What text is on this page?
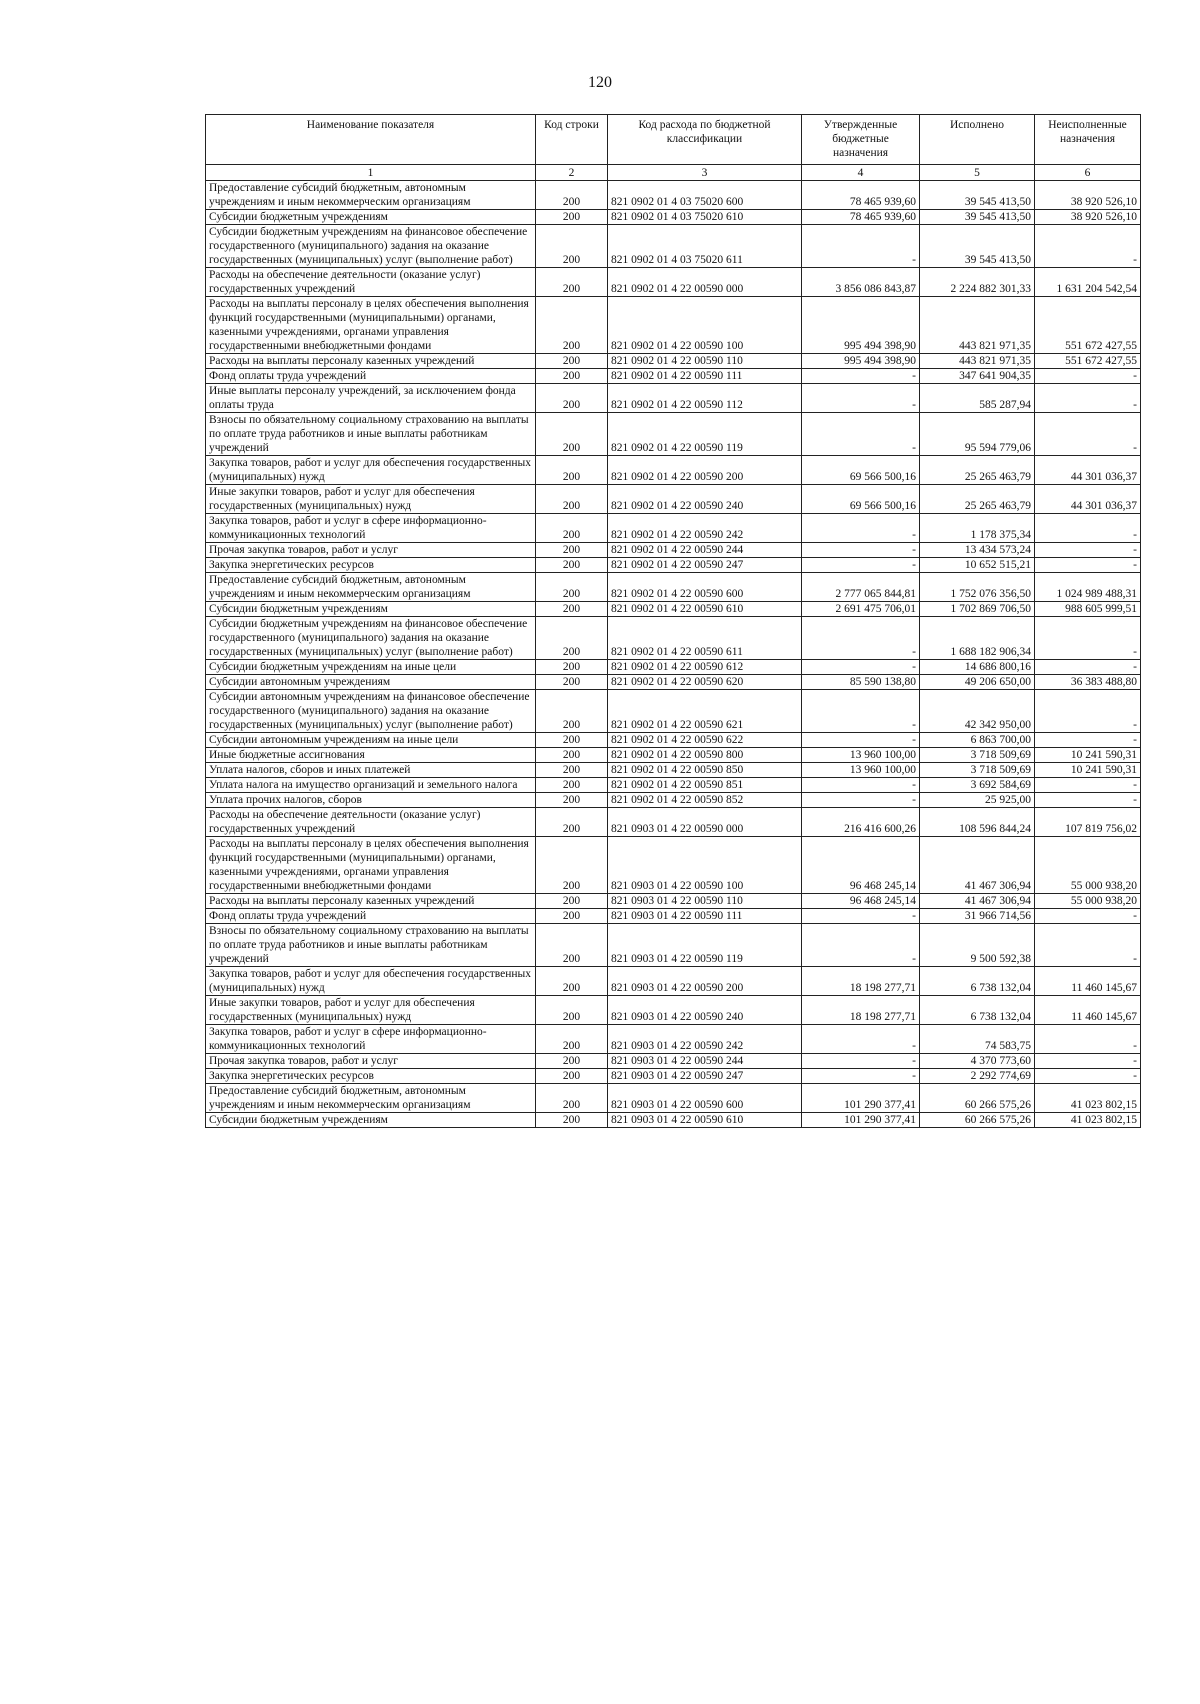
120
Наименование показателя	Код строки	Код расхода по бюджетной классификации	Утвержденные бюджетные назначения	Исполнено	Неисполненные назначения
1	2	3	4	5	6
Предоставление субсидий бюджетным, автономным учреждениям и иным некоммерческим организациям	200	821 0902 01 4 03 75020 600	78 465 939,60	39 545 413,50	38 920 526,10
Субсидии бюджетным учреждениям	200	821 0902 01 4 03 75020 610	78 465 939,60	39 545 413,50	38 920 526,10
Субсидии бюджетным учреждениям на финансовое обеспечение государственного (муниципального) задания на оказание государственных (муниципальных) услуг (выполнение работ)	200	821 0902 01 4 03 75020 611	-	39 545 413,50	-
Расходы на обеспечение деятельности (оказание услуг) государственных учреждений	200	821 0902 01 4 22 00590 000	3 856 086 843,87	2 224 882 301,33	1 631 204 542,54
Расходы на выплаты персоналу в целях обеспечения выполнения функций государственными (муниципальными) органами, казенными учреждениями, органами управления государственными внебюджетными фондами	200	821 0902 01 4 22 00590 100	995 494 398,90	443 821 971,35	551 672 427,55
Расходы на выплаты персоналу казенных учреждений	200	821 0902 01 4 22 00590 110	995 494 398,90	443 821 971,35	551 672 427,55
Фонд оплаты труда учреждений	200	821 0902 01 4 22 00590 111	-	347 641 904,35	-
Иные выплаты персоналу учреждений, за исключением фонда оплаты труда	200	821 0902 01 4 22 00590 112	-	585 287,94	-
Взносы по обязательному социальному страхованию на выплаты по оплате труда работников и иные выплаты работникам учреждений	200	821 0902 01 4 22 00590 119	-	95 594 779,06	-
Закупка товаров, работ и услуг для обеспечения государственных (муниципальных) нужд	200	821 0902 01 4 22 00590 200	69 566 500,16	25 265 463,79	44 301 036,37
Иные закупки товаров, работ и услуг для обеспечения государственных (муниципальных) нужд	200	821 0902 01 4 22 00590 240	69 566 500,16	25 265 463,79	44 301 036,37
Закупка товаров, работ и услуг в сфере информационно-коммуникационных технологий	200	821 0902 01 4 22 00590 242	-	1 178 375,34	-
Прочая закупка товаров, работ и услуг	200	821 0902 01 4 22 00590 244	-	13 434 573,24	-
Закупка энергетических ресурсов	200	821 0902 01 4 22 00590 247	-	10 652 515,21	-
Предоставление субсидий бюджетным, автономным учреждениям и иным некоммерческим организациям	200	821 0902 01 4 22 00590 600	2 777 065 844,81	1 752 076 356,50	1 024 989 488,31
Субсидии бюджетным учреждениям	200	821 0902 01 4 22 00590 610	2 691 475 706,01	1 702 869 706,50	988 605 999,51
Субсидии бюджетным учреждениям на финансовое обеспечение государственного (муниципального) задания на оказание государственных (муниципальных) услуг (выполнение работ)	200	821 0902 01 4 22 00590 611	-	1 688 182 906,34	-
Субсидии бюджетным учреждениям на иные цели	200	821 0902 01 4 22 00590 612	-	14 686 800,16	-
Субсидии автономным учреждениям	200	821 0902 01 4 22 00590 620	85 590 138,80	49 206 650,00	36 383 488,80
Субсидии автономным учреждениям на финансовое обеспечение государственного (муниципального) задания на оказание государственных (муниципальных) услуг (выполнение работ)	200	821 0902 01 4 22 00590 621	-	42 342 950,00	-
Субсидии автономным учреждениям на иные цели	200	821 0902 01 4 22 00590 622	-	6 863 700,00	-
Иные бюджетные ассигнования	200	821 0902 01 4 22 00590 800	13 960 100,00	3 718 509,69	10 241 590,31
Уплата налогов, сборов и иных платежей	200	821 0902 01 4 22 00590 850	13 960 100,00	3 718 509,69	10 241 590,31
Уплата налога на имущество организаций и земельного налога	200	821 0902 01 4 22 00590 851	-	3 692 584,69	-
Уплата прочих налогов, сборов	200	821 0902 01 4 22 00590 852	-	25 925,00	-
Расходы на обеспечение деятельности (оказание услуг) государственных учреждений	200	821 0903 01 4 22 00590 000	216 416 600,26	108 596 844,24	107 819 756,02
Расходы на выплаты персоналу в целях обеспечения выполнения функций государственными (муниципальными) органами, казенными учреждениями, органами управления государственными внебюджетными фондами	200	821 0903 01 4 22 00590 100	96 468 245,14	41 467 306,94	55 000 938,20
Расходы на выплаты персоналу казенных учреждений	200	821 0903 01 4 22 00590 110	96 468 245,14	41 467 306,94	55 000 938,20
Фонд оплаты труда учреждений	200	821 0903 01 4 22 00590 111	-	31 966 714,56	-
Взносы по обязательному социальному страхованию на выплаты по оплате труда работников и иные выплаты работникам учреждений	200	821 0903 01 4 22 00590 119	-	9 500 592,38	-
Закупка товаров, работ и услуг для обеспечения государственных (муниципальных) нужд	200	821 0903 01 4 22 00590 200	18 198 277,71	6 738 132,04	11 460 145,67
Иные закупки товаров, работ и услуг для обеспечения государственных (муниципальных) нужд	200	821 0903 01 4 22 00590 240	18 198 277,71	6 738 132,04	11 460 145,67
Закупка товаров, работ и услуг в сфере информационно-коммуникационных технологий	200	821 0903 01 4 22 00590 242	-	74 583,75	-
Прочая закупка товаров, работ и услуг	200	821 0903 01 4 22 00590 244	-	4 370 773,60	-
Закупка энергетических ресурсов	200	821 0903 01 4 22 00590 247	-	2 292 774,69	-
Предоставление субсидий бюджетным, автономным учреждениям и иным некоммерческим организациям	200	821 0903 01 4 22 00590 600	101 290 377,41	60 266 575,26	41 023 802,15
Субсидии бюджетным учреждениям	200	821 0903 01 4 22 00590 610	101 290 377,41	60 266 575,26	41 023 802,15
